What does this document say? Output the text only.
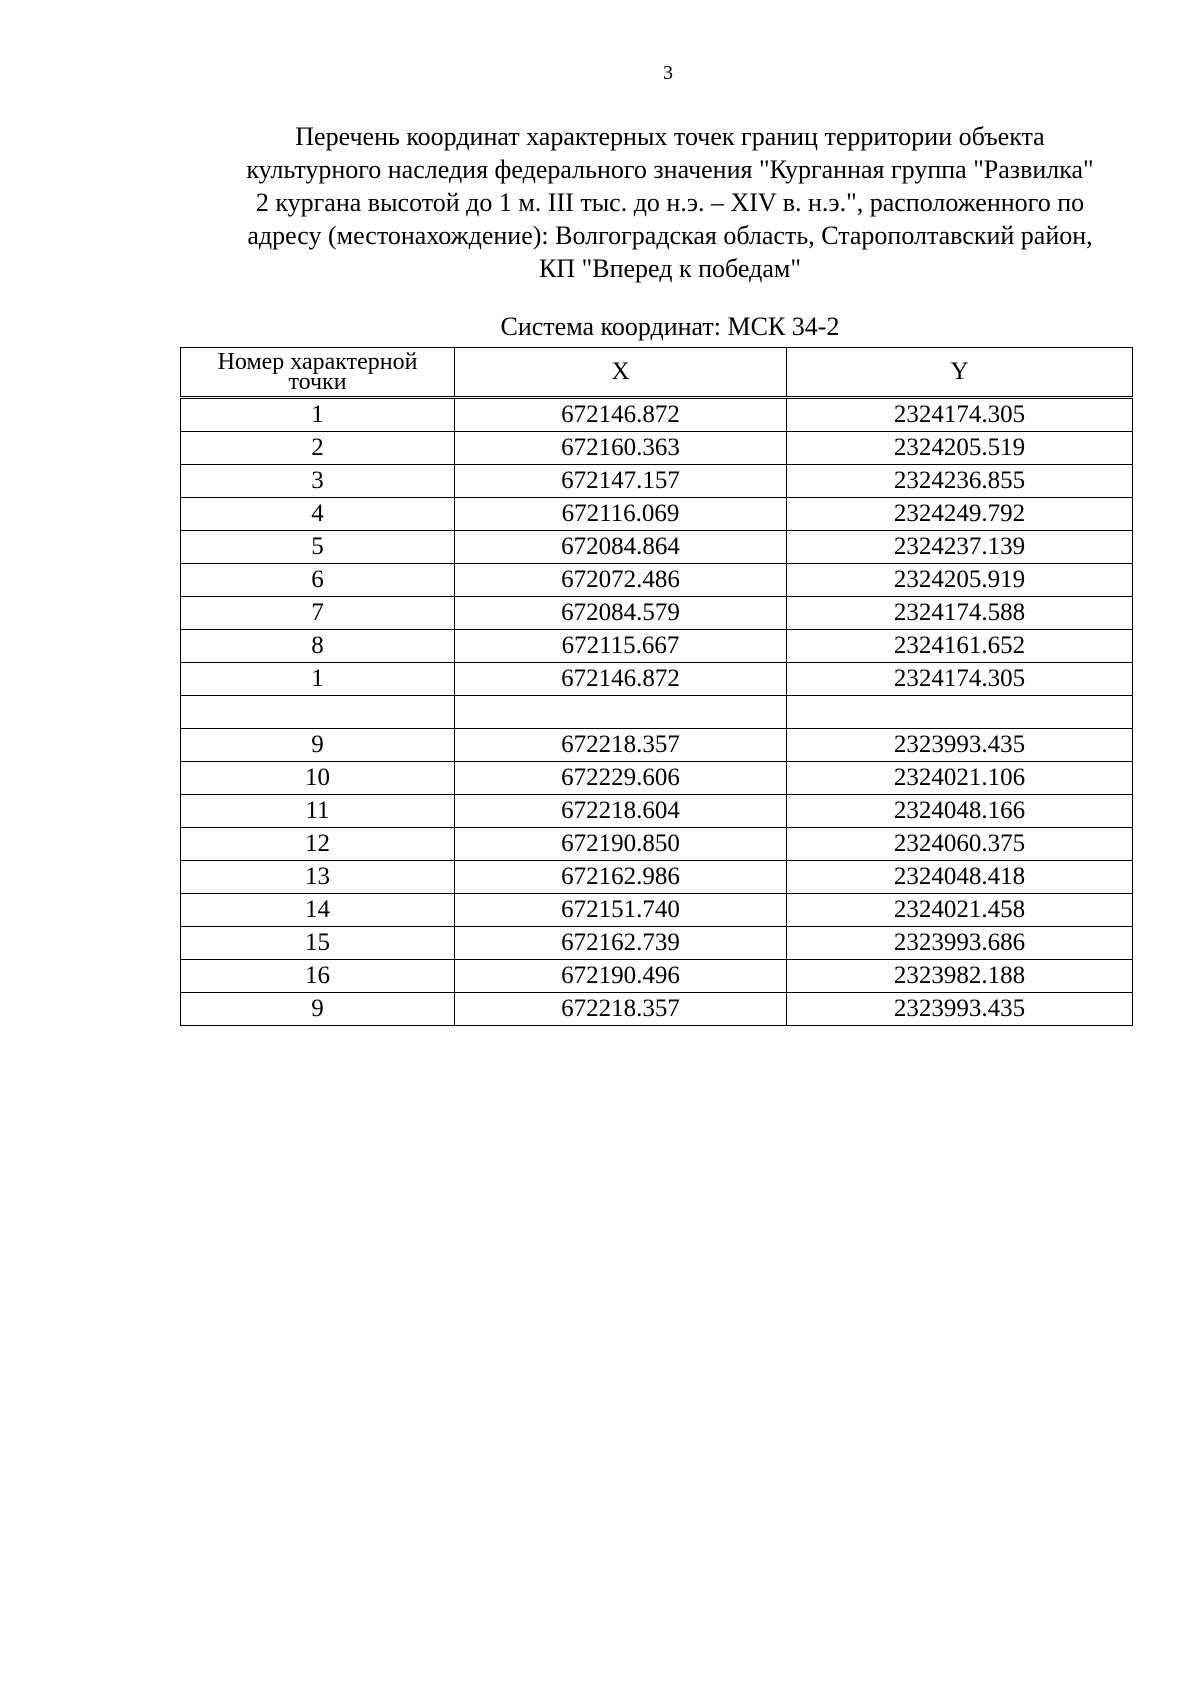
3
Перечень координат характерных точек границ территории объекта
культурного наследия федерального значения "Курганная группа "Развилка"
2 кургана высотой до 1 м. III тыс. до н.э. – XIV в. н.э.", расположенного по
адресу (местонахождение): Волгоградская область, Старополтавский район,
КП "Вперед к победам"
Система координат: МСК 34-2
Номер характерной
точки	X	Y
1	672146.872	2324174.305
2	672160.363	2324205.519
3	672147.157	2324236.855
4	672116.069	2324249.792
5	672084.864	2324237.139
6	672072.486	2324205.919
7	672084.579	2324174.588
8	672115.667	2324161.652
1	672146.872	2324174.305

9	672218.357	2323993.435
10	672229.606	2324021.106
11	672218.604	2324048.166
12	672190.850	2324060.375
13	672162.986	2324048.418
14	672151.740	2324021.458
15	672162.739	2323993.686
16	672190.496	2323982.188
9	672218.357	2323993.435
